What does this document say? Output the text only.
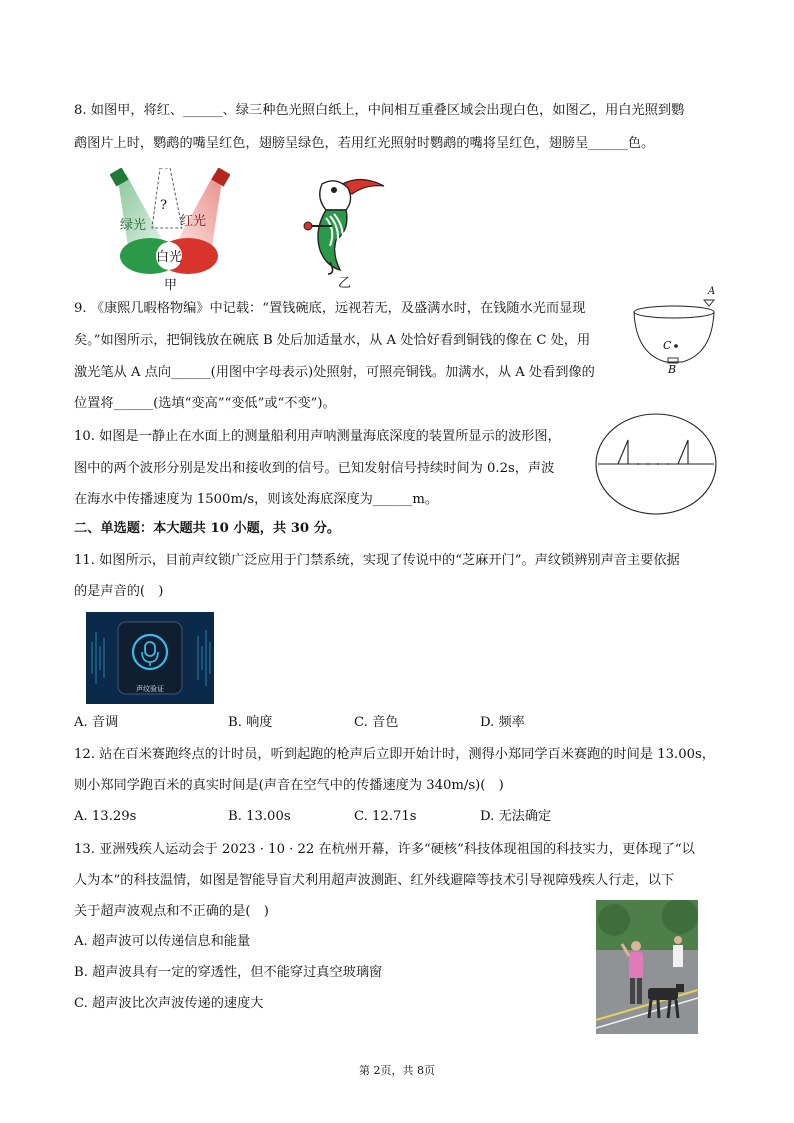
8. 如图甲，将红、______、绿三种色光照白纸上，中间相互重叠区域会出现白色，如图乙，用白光照到鹦
鹉图片上时，鹦鹉的嘴呈红色，翅膀呈绿色，若用红光照射时鹦鹉的嘴将呈红色，翅膀呈______色。
?
绿光	红光
白光
甲	乙
9. 《康熙几暇格物编》中记载：“置钱碗底，远视若无，及盛满水时，在钱随水光而显现
矣。”如图所示，把铜钱放在碗底 B 处后加适量水，从 A 处恰好看到铜钱的像在 C 处，用
激光笔从 A 点向______(用图中字母表示)处照射，可照亮铜钱。加满水，从 A 处看到像的
位置将______(选填“变高”“变低”或“不变”)。
A
C
B
10. 如图是一静止在水面上的测量船利用声呐测量海底深度的装置所显示的波形图，
图中的两个波形分别是发出和接收到的信号。已知发射信号持续时间为 0.2s，声波
在海水中传播速度为 1500m/s，则该处海底深度为______m。
二、单选题：本大题共 10 小题，共 30 分。
11. 如图所示，目前声纹锁广泛应用于门禁系统，实现了传说中的“芝麻开门”。声纹锁辨别声音主要依据
的是声音的(　)
声纹验证
A. 音调	B. 响度	C. 音色	D. 频率
12. 站在百米赛跑终点的计时员，听到起跑的枪声后立即开始计时，测得小郑同学百米赛跑的时间是 13.00s，
则小郑同学跑百米的真实时间是(声音在空气中的传播速度为 340m/s)(　)
A. 13.29s	B. 13.00s	C. 12.71s	D. 无法确定
13. 亚洲残疾人运动会于 2023 · 10 · 22 在杭州开幕，许多“硬核”科技体现祖国的科技实力，更体现了“以
人为本”的科技温情，如图是智能导盲犬利用超声波测距、红外线避障等技术引导视障残疾人行走，以下
关于超声波观点和不正确的是(　)
A. 超声波可以传递信息和能量
B. 超声波具有一定的穿透性，但不能穿过真空玻璃窗
C. 超声波比次声波传递的速度大
第 2页，共 8页
